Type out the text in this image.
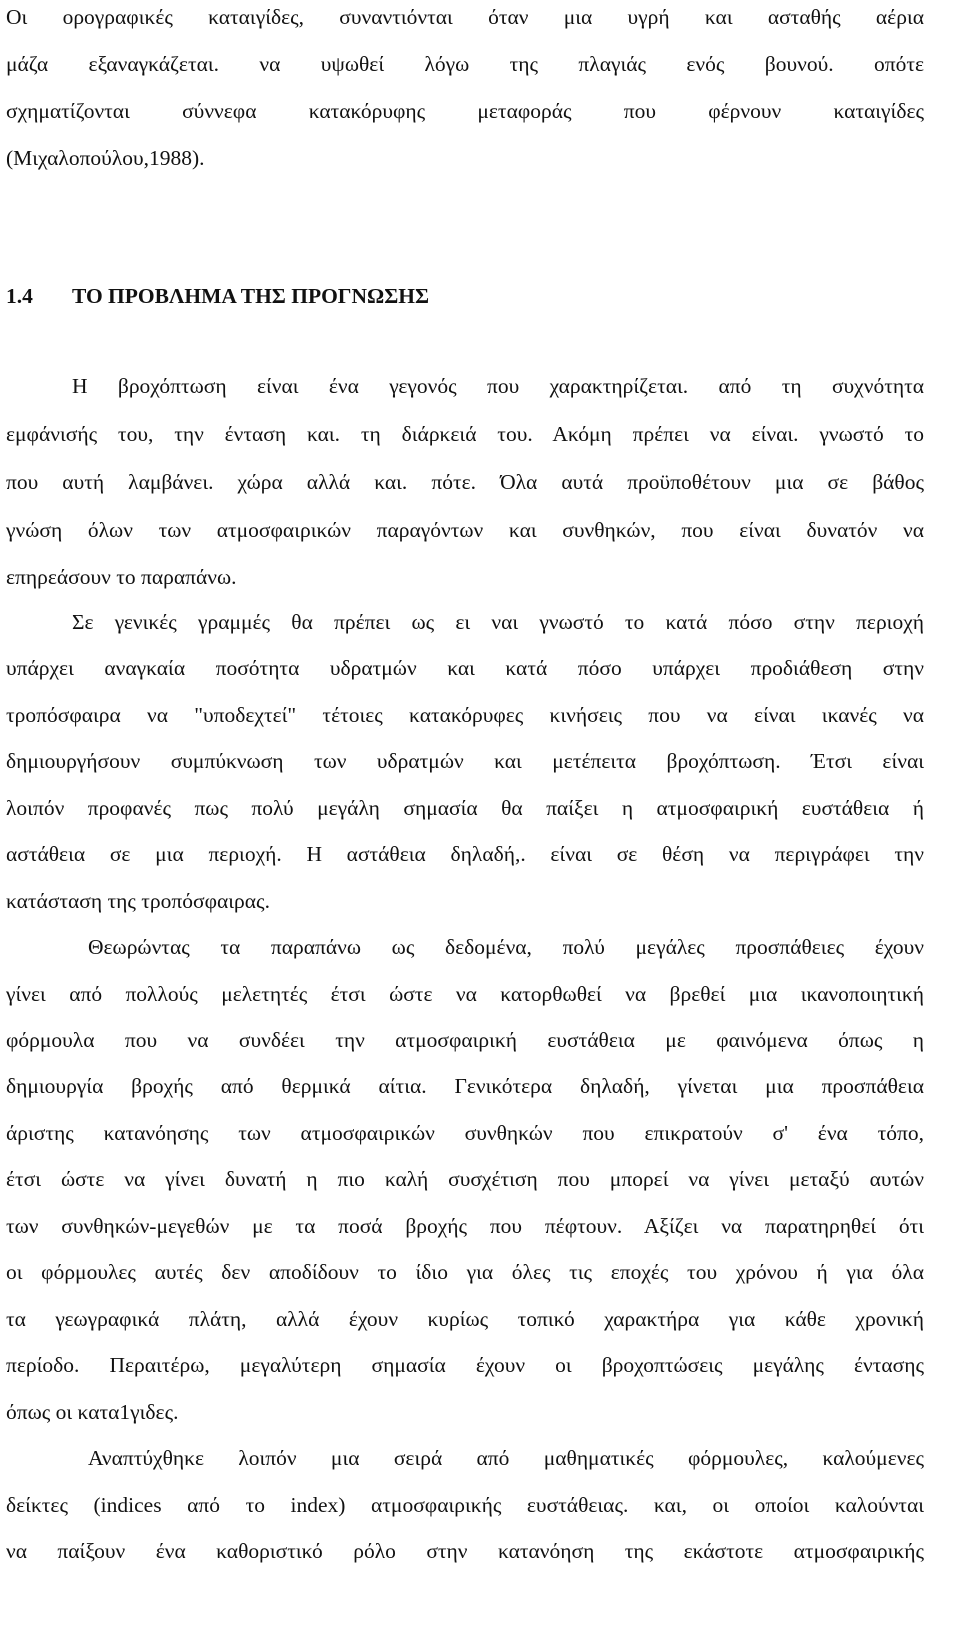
Οι ορογραφικές καταιγίδες, συναντιόνται όταν μια υγρή και ασταθής αέρια
μάζα εξαναγκάζεται. να υψωθεί λόγω της πλαγιάς ενός βουνού. οπότε
σχηματίζονται σύννεφα κατακόρυφης μεταφοράς που φέρνουν καταιγίδες
(Μιχαλοπούλου,1988).
1.4 ΤΟ ΠΡΟΒΛΗΜΑ ΤΗΣ ΠΡΟΓΝΩΣΗΣ
Η βροχόπτωση είναι ένα γεγονός που χαρακτηρίζεται. από τη συχνότητα
εμφάνισής του, την ένταση και. τη διάρκειά του. Ακόμη πρέπει να είναι. γνωστό το
που αυτή λαμβάνει. χώρα αλλά και. πότε. Όλα αυτά προϋποθέτουν μια σε βάθος
γνώση όλων των ατμοσφαιρικών παραγόντων και συνθηκών, που είναι δυνατόν να
επηρεάσουν το παραπάνω.
Σε γενικές γραμμές θα πρέπει ως ει ναι γνωστό το κατά πόσο στην περιοχή
υπάρχει αναγκαία ποσότητα υδρατμών και κατά πόσο υπάρχει προδιάθεση στην
τροπόσφαιρα να "υποδεχτεί" τέτοιες κατακόρυφες κινήσεις που να είναι ικανές να
δημιουργήσουν συμπύκνωση των υδρατμών και μετέπειτα βροχόπτωση. Έτσι είναι
λοιπόν προφανές πως πολύ μεγάλη σημασία θα παίξει η ατμοσφαιρική ευστάθεια ή
αστάθεια σε μια περιοχή. Η αστάθεια δηλαδή,. είναι σε θέση να περιγράφει την
κατάσταση της τροπόσφαιρας.
Θεωρώντας τα παραπάνω ως δεδομένα, πολύ μεγάλες προσπάθειες έχουν
γίνει από πολλούς μελετητές έτσι ώστε να κατορθωθεί να βρεθεί μια ικανοποιητική
φόρμουλα που να συνδέει την ατμοσφαιρική ευστάθεια με φαινόμενα όπως η
δημιουργία βροχής από θερμικά αίτια. Γενικότερα δηλαδή, γίνεται μια προσπάθεια
άριστης κατανόησης των ατμοσφαιρικών συνθηκών που επικρατούν σ' ένα τόπο,
έτσι ώστε να γίνει δυνατή η πιο καλή συσχέτιση που μπορεί να γίνει μεταξύ αυτών
των συνθηκών-μεγεθών με τα ποσά βροχής που πέφτουν. Αξίζει να παρατηρηθεί ότι
οι φόρμουλες αυτές δεν αποδίδουν το ίδιο για όλες τις εποχές του χρόνου ή για όλα
τα γεωγραφικά πλάτη, αλλά έχουν κυρίως τοπικό χαρακτήρα για κάθε χρονική
περίοδο. Περαιτέρω, μεγαλύτερη σημασία έχουν οι βροχοπτώσεις μεγάλης έντασης
όπως οι κατα1γιδες.
Αναπτύχθηκε λοιπόν μια σειρά από μαθηματικές φόρμουλες, καλούμενες
δείκτες (indices από το index) ατμοσφαιρικής ευστάθειας. και, οι οποίοι καλούνται
να παίξουν ένα καθοριστικό ρόλο στην κατανόηση της εκάστοτε ατμοσφαιρικής
